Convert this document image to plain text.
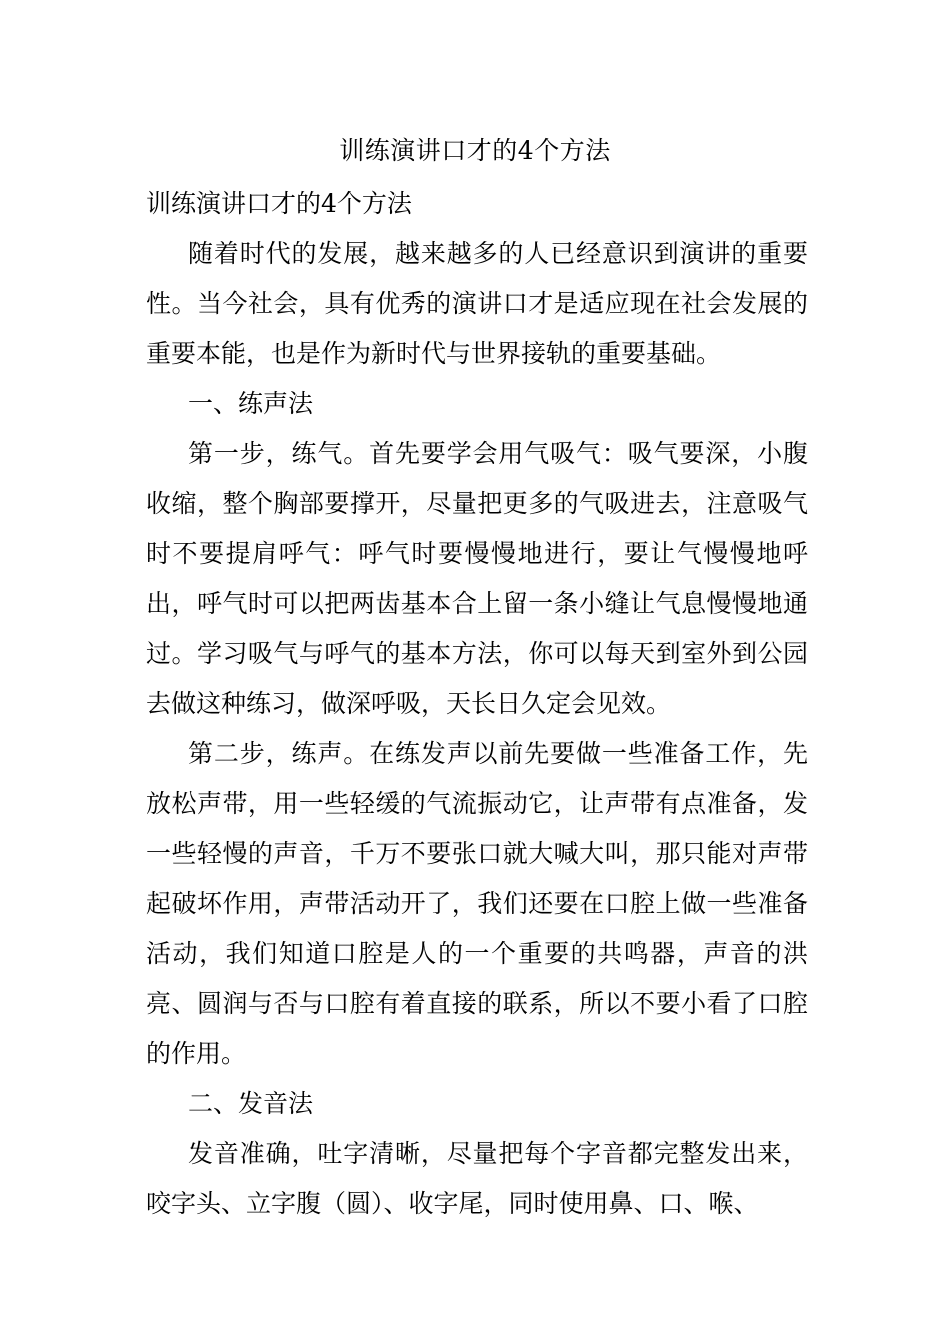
训练演讲口才的4个方法

训练演讲口才的4个方法

随着时代的发展，越来越多的人已经意识到演讲的重要性。当今社会，具有优秀的演讲口才是适应现在社会发展的重要本能，也是作为新时代与世界接轨的重要基础。

一、练声法

第一步，练气。首先要学会用气吸气：吸气要深，小腹收缩，整个胸部要撑开，尽量把更多的气吸进去，注意吸气时不要提肩呼气：呼气时要慢慢地进行，要让气慢慢地呼出，呼气时可以把两齿基本合上留一条小缝让气息慢慢地通过。学习吸气与呼气的基本方法，你可以每天到室外到公园去做这种练习，做深呼吸，天长日久定会见效。

第二步，练声。在练发声以前先要做一些准备工作，先放松声带，用一些轻缓的气流振动它，让声带有点准备，发一些轻慢的声音，千万不要张口就大喊大叫，那只能对声带起破坏作用，声带活动开了，我们还要在口腔上做一些准备活动，我们知道口腔是人的一个重要的共鸣器，声音的洪亮、圆润与否与口腔有着直接的联系，所以不要小看了口腔的作用。

二、发音法

发音准确，吐字清晰，尽量把每个字音都完整发出来，咬字头、立字腹（圆）、收字尾，同时使用鼻、口、喉、
